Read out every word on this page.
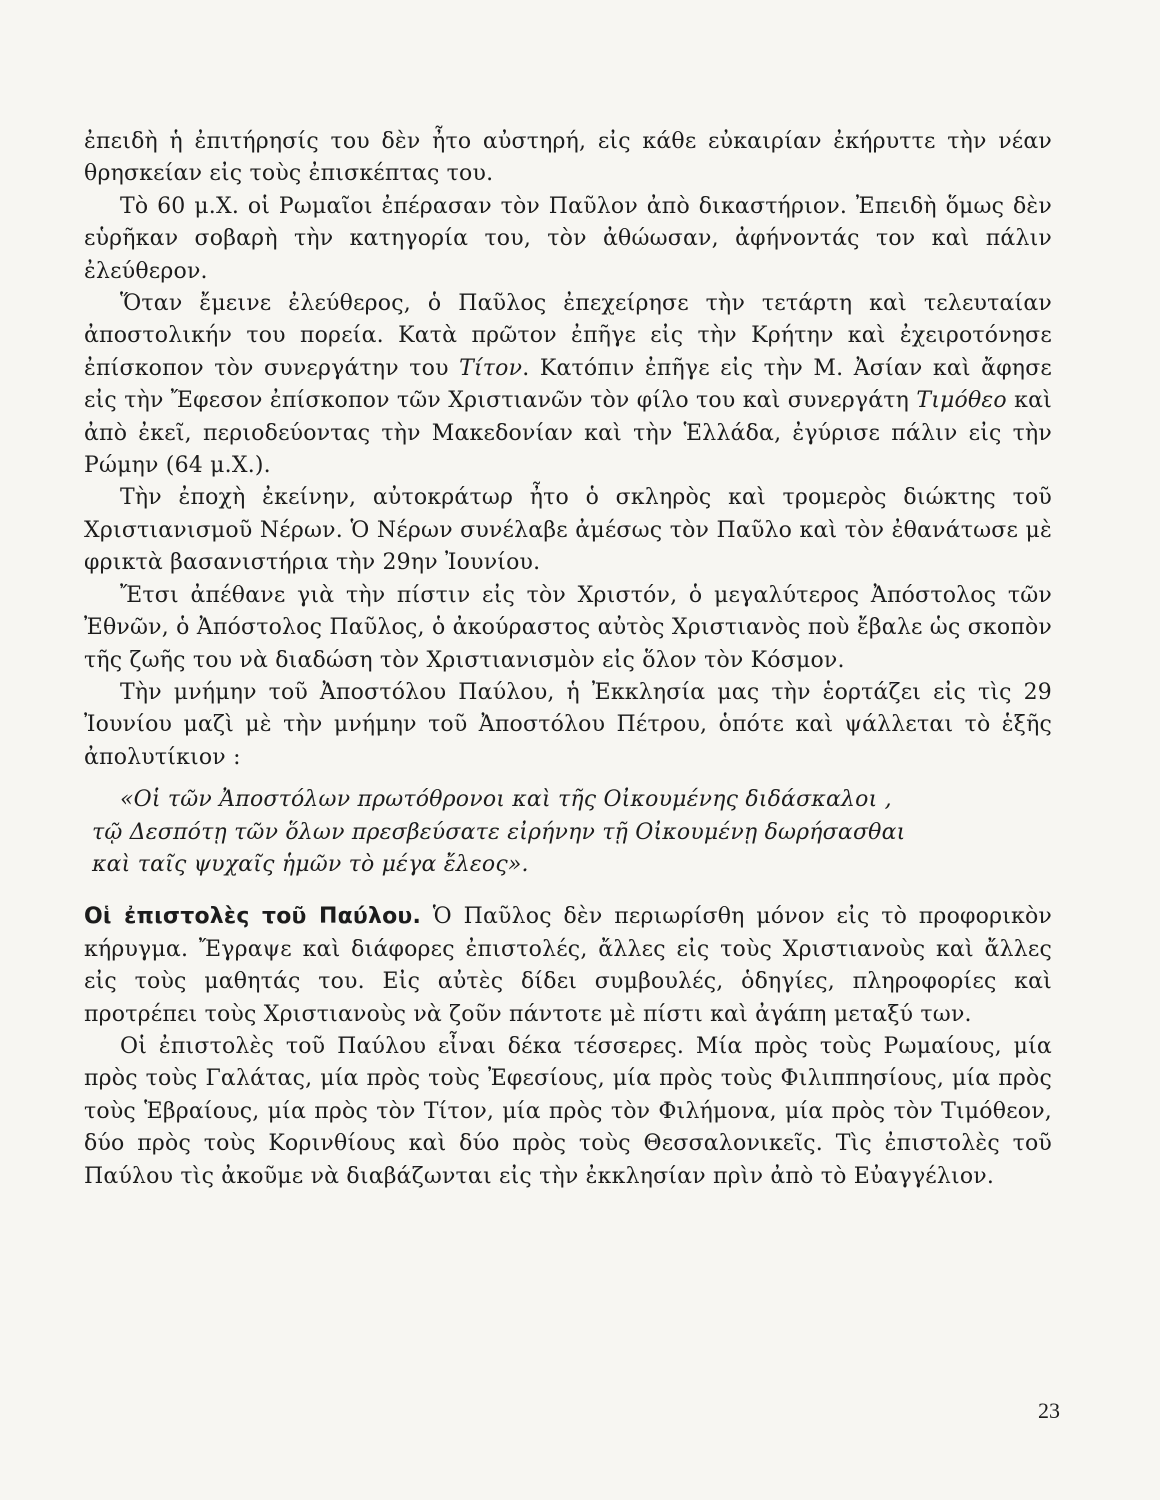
ἐπειδὴ ἡ ἐπιτήρησίς του δὲν ἦτο αὐστηρή, εἰς κάθε εὐκαιρίαν ἐκήρυττε τὴν νέαν θρησκείαν εἰς τοὺς ἐπισκέπτας του.

Τὸ 60 μ.Χ. οἱ Ρωμαῖοι ἐπέρασαν τὸν Παῦλον ἀπὸ δικαστήριον. Ἐπειδὴ ὅμως δὲν εὑρῆκαν σοβαρὴ τὴν κατηγορία του, τὸν ἀθώωσαν, ἀφήνοντάς τον καὶ πάλιν ἐλεύθερον.

Ὅταν ἔμεινε ἐλεύθερος, ὁ Παῦλος ἐπεχείρησε τὴν τετάρτη καὶ τελευταίαν ἀποστολικήν του πορεία. Κατὰ πρῶτον ἐπῆγε εἰς τὴν Κρήτην καὶ ἐχειροτόνησε ἐπίσκοπον τὸν συνεργάτην του Τίτον. Κατόπιν ἐπῆγε εἰς τὴν Μ. Ἀσίαν καὶ ἄφησε εἰς τὴν Ἔφεσον ἐπίσκοπον τῶν Χριστιανῶν τὸν φίλο του καὶ συνεργάτη Τιμόθεο καὶ ἀπὸ ἐκεῖ, περιοδεύοντας τὴν Μακεδονίαν καὶ τὴν Ἑλλάδα, ἐγύρισε πάλιν εἰς τὴν Ρώμην (64 μ.Χ.).

Τὴν ἐποχὴ ἐκείνην, αὐτοκράτωρ ἦτο ὁ σκληρὸς καὶ τρομερὸς διώκτης τοῦ Χριστιανισμοῦ Νέρων. Ὁ Νέρων συνέλαβε ἀμέσως τὸν Παῦλο καὶ τὸν ἐθανάτωσε μὲ φρικτὰ βασανιστήρια τὴν 29ην Ἰουνίου.

Ἔτσι ἀπέθανε γιὰ τὴν πίστιν εἰς τὸν Χριστόν, ὁ μεγαλύτερος Ἀπόστολος τῶν Ἐθνῶν, ὁ Ἀπόστολος Παῦλος, ὁ ἀκούραστος αὐτὸς Χριστιανὸς ποὺ ἔβαλε ὡς σκοπὸν τῆς ζωῆς του νὰ διαδώση τὸν Χριστιανισμὸν εἰς ὅλον τὸν Κόσμον.

Τὴν μνήμην τοῦ Ἀποστόλου Παύλου, ἡ Ἐκκλησία μας τὴν ἑορτάζει εἰς τὶς 29 Ἰουνίου μαζὶ μὲ τὴν μνήμην τοῦ Ἀποστόλου Πέτρου, ὁπότε καὶ ψάλλεται τὸ ἑξῆς ἀπολυτίκιον :

«Οἱ τῶν Ἀποστόλων πρωτόθρονοι καὶ τῆς Οἰκουμένης διδάσκαλοι ,
τῷ Δεσπότῃ τῶν ὅλων πρεσβεύσατε εἰρήνην τῇ Οἰκουμένῃ δωρήσασθαι
καὶ ταῖς ψυχαῖς ἡμῶν τὸ μέγα ἔλεος».

Οἱ ἐπιστολὲς τοῦ Παύλου. Ὁ Παῦλος δὲν περιωρίσθη μόνον εἰς τὸ προφορικὸν κήρυγμα. Ἔγραψε καὶ διάφορες ἐπιστολές, ἄλλες εἰς τοὺς Χριστιανοὺς καὶ ἄλλες εἰς τοὺς μαθητάς του. Εἰς αὐτὲς δίδει συμβουλές, ὁδηγίες, πληροφορίες καὶ προτρέπει τοὺς Χριστιανοὺς νὰ ζοῦν πάντοτε μὲ πίστι καὶ ἀγάπη μεταξύ των.

Οἱ ἐπιστολὲς τοῦ Παύλου εἶναι δέκα τέσσερες. Μία πρὸς τοὺς Ρωμαίους, μία πρὸς τοὺς Γαλάτας, μία πρὸς τοὺς Ἐφεσίους, μία πρὸς τοὺς Φιλιππησίους, μία πρὸς τοὺς Ἑβραίους, μία πρὸς τὸν Τίτον, μία πρὸς τὸν Φιλήμονα, μία πρὸς τὸν Τιμόθεον, δύο πρὸς τοὺς Κορινθίους καὶ δύο πρὸς τοὺς Θεσσαλονικεῖς. Τὶς ἐπιστολὲς τοῦ Παύλου τὶς ἀκοῦμε νὰ διαβάζωνται εἰς τὴν ἐκκλησίαν πρὶν ἀπὸ τὸ Εὐαγγέλιον.

23
